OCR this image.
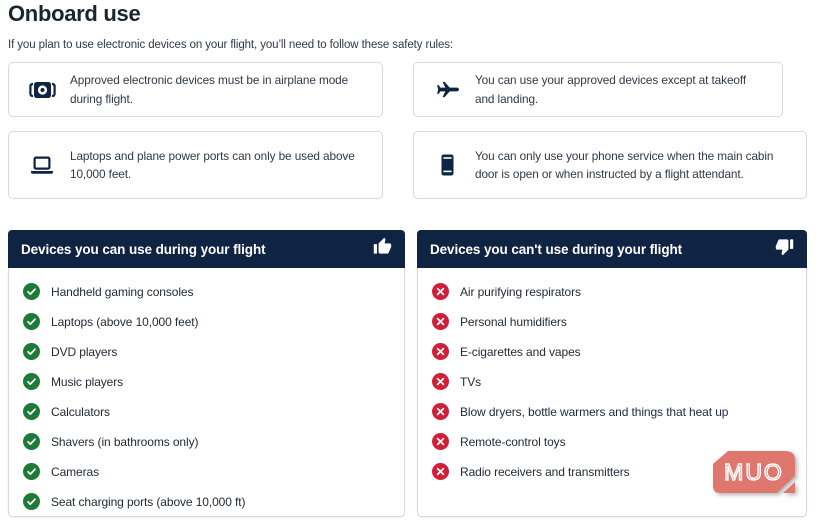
Onboard use

If you plan to use electronic devices on your flight, you’ll need to follow these safety rules:

Approved electronic devices must be in airplane mode during flight.
You can use your approved devices except at takeoff and landing.
Laptops and plane power ports can only be used above 10,000 feet.
You can only use your phone service when the main cabin door is open or when instructed by a flight attendant.
Devices you can use during your flight
Handheld gaming consoles
Laptops (above 10,000 feet)
DVD players
Music players
Calculators
Shavers (in bathrooms only)
Cameras
Seat charging ports (above 10,000 ft)
Devices you can't use during your flight
Air purifying respirators
Personal humidifiers
E-cigarettes and vapes
TVs
Blow dryers, bottle warmers and things that heat up
Remote-control toys
Radio receivers and transmitters	MUO
